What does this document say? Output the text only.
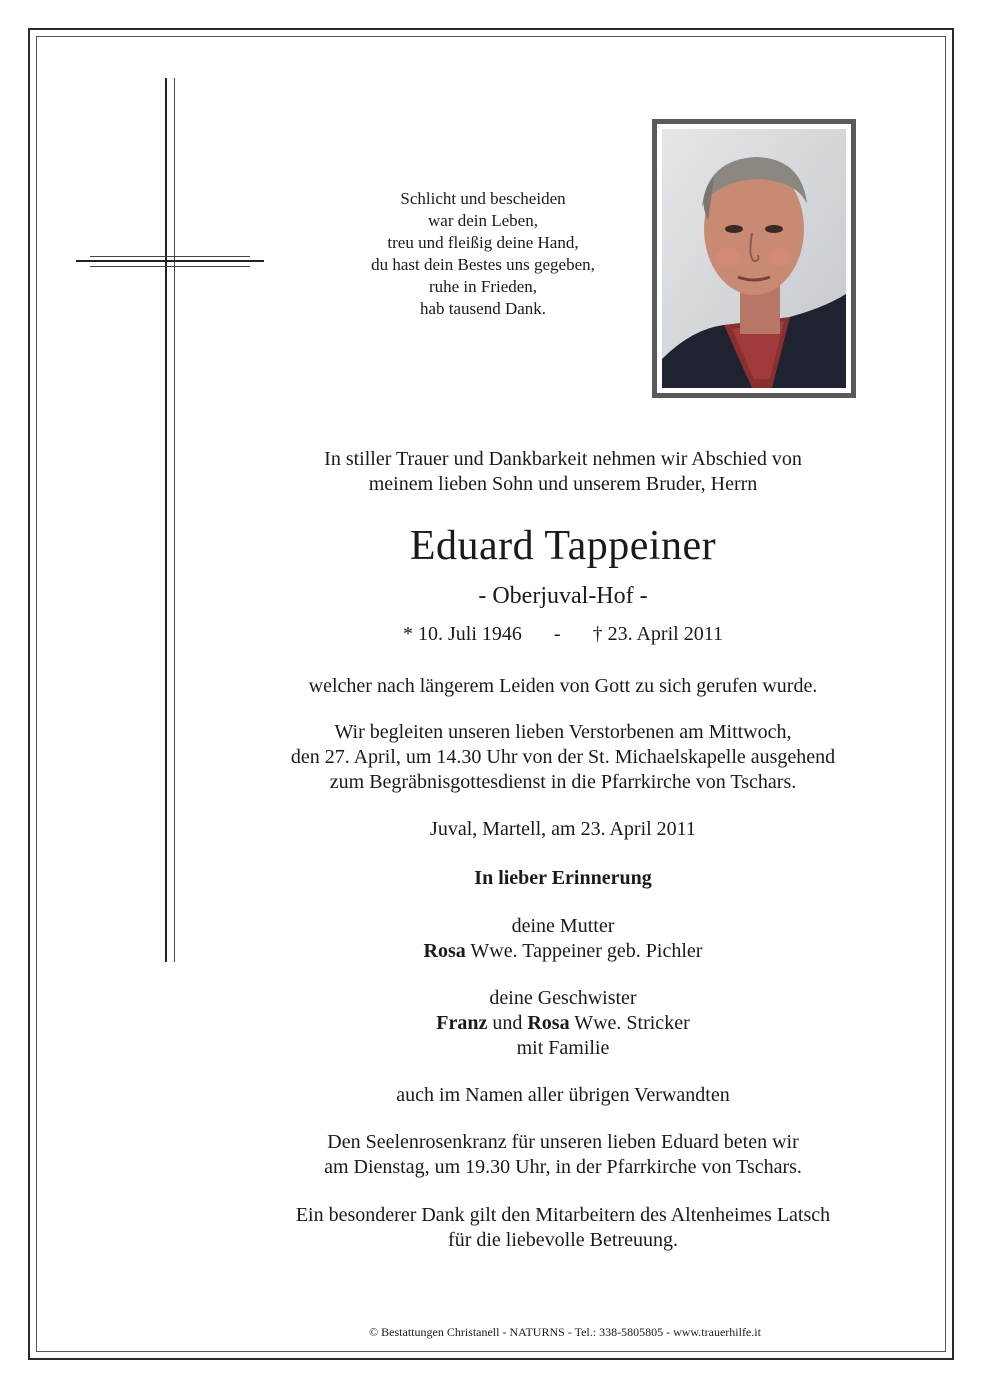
Schlicht und bescheiden
war dein Leben,
treu und fleißig deine Hand,
du hast dein Bestes uns gegeben,
ruhe in Frieden,
hab tausend Dank.
In stiller Trauer und Dankbarkeit nehmen wir Abschied von
meinem lieben Sohn und unserem Bruder, Herrn
Eduard Tappeiner
- Oberjuval-Hof -
* 10. Juli 1946 - † 23. April 2011
welcher nach längerem Leiden von Gott zu sich gerufen wurde.
Wir begleiten unseren lieben Verstorbenen am Mittwoch,
den 27. April, um 14.30 Uhr von der St. Michaelskapelle ausgehend
zum Begräbnisgottesdienst in die Pfarrkirche von Tschars.
Juval, Martell, am 23. April 2011
In lieber Erinnerung
deine Mutter
Rosa Wwe. Tappeiner geb. Pichler
deine Geschwister
Franz und Rosa Wwe. Stricker
mit Familie
auch im Namen aller übrigen Verwandten
Den Seelenrosenkranz für unseren lieben Eduard beten wir
am Dienstag, um 19.30 Uhr, in der Pfarrkirche von Tschars.
Ein besonderer Dank gilt den Mitarbeitern des Altenheimes Latsch
für die liebevolle Betreuung.
© Bestattungen Christanell - NATURNS - Tel.: 338-5805805 - www.trauerhilfe.it
